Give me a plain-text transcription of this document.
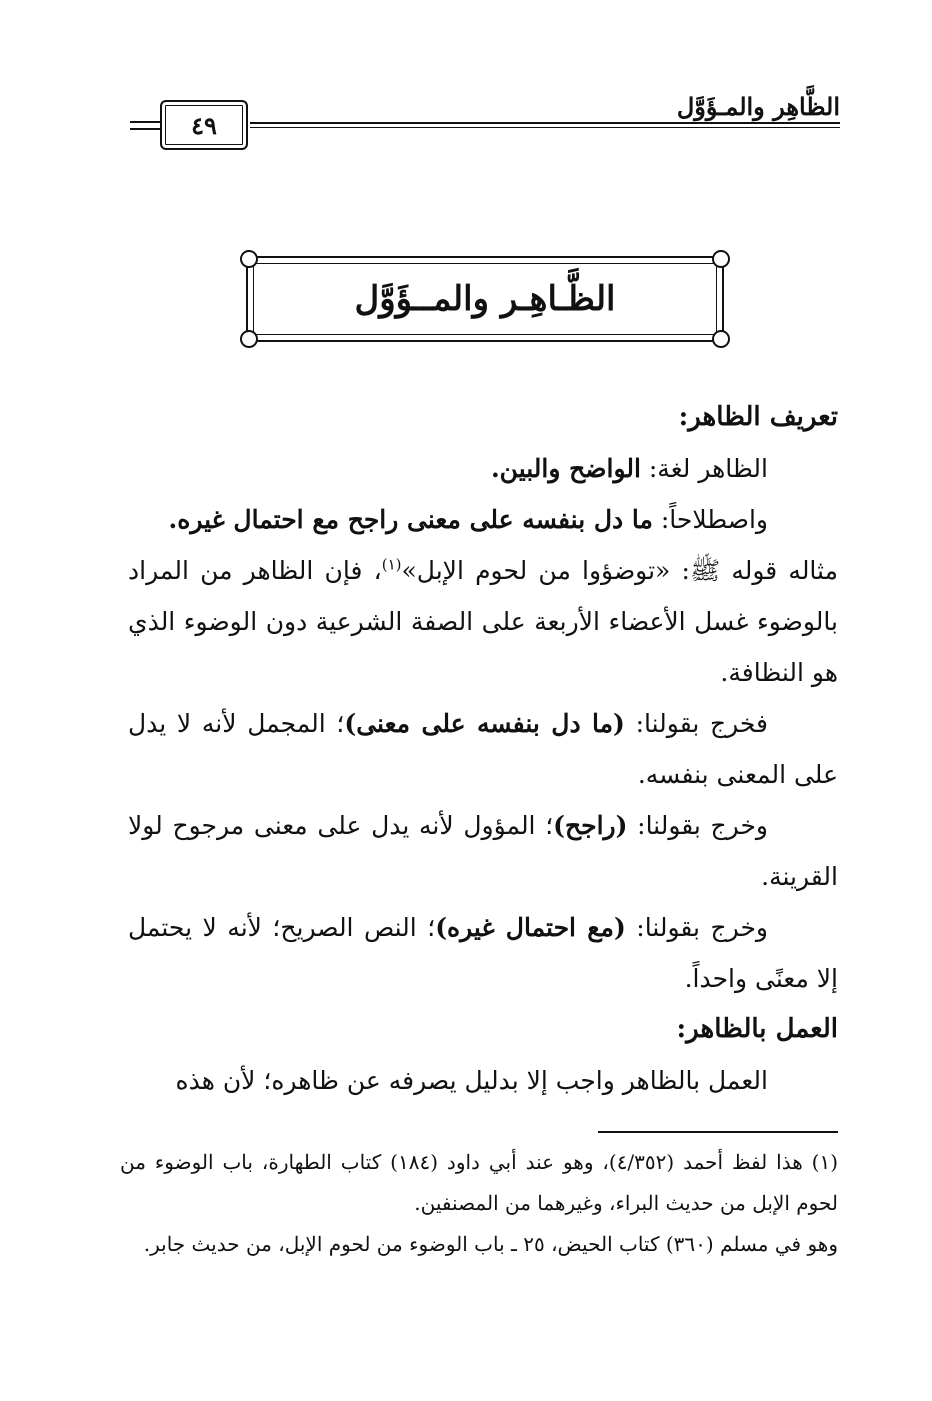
الظَّاهِر والمـؤَوَّل
٤٩
الظَّـاهِـر والمــؤَوَّل

تعريف الظاهر:

الظاهر لغة: الواضح والبين.

واصطلاحاً: ما دل بنفسه على معنى راجح مع احتمال غيره.

مثاله قوله ﷺ: «توضؤوا من لحوم الإبل»$^{(١)}$، فإن الظاهر من المراد بالوضوء غسل الأعضاء الأربعة على الصفة الشرعية دون الوضوء الذي هو النظافة.

فخرج بقولنا: (ما دل بنفسه على معنى)؛ المجمل لأنه لا يدل على المعنى بنفسه.

وخرج بقولنا: (راجح)؛ المؤول لأنه يدل على معنى مرجوح لولا القرينة.

وخرج بقولنا: (مع احتمال غيره)؛ النص الصريح؛ لأنه لا يحتمل إلا معنًى واحداً.

العمل بالظاهر:

العمل بالظاهر واجب إلا بدليل يصرفه عن ظاهره؛ لأن هذه

(١) هذا لفظ أحمد (٤/٣٥٢)، وهو عند أبي داود (١٨٤) كتاب الطهارة، باب الوضوء من لحوم الإبل من حديث البراء، وغيرهما من المصنفين.

وهو في مسلم (٣٦٠) كتاب الحيض، ٢٥ ـ باب الوضوء من لحوم الإبل، من حديث جابر.
